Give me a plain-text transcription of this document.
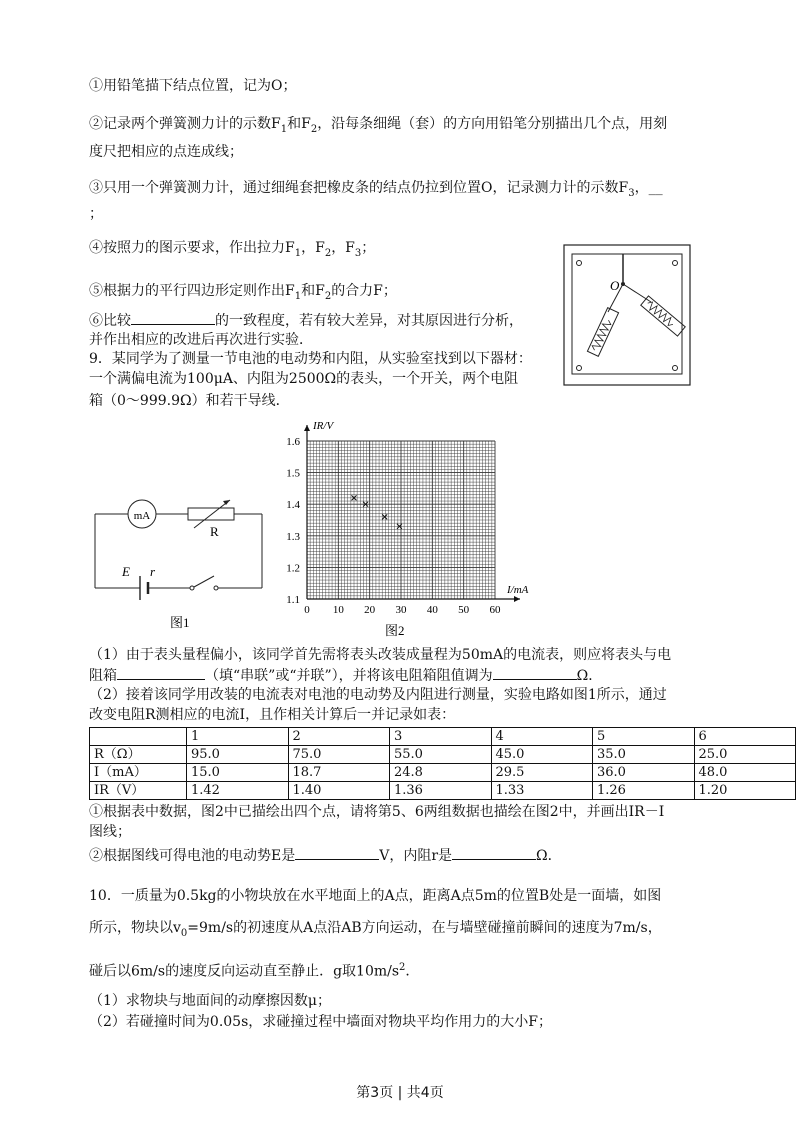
①用铅笔描下结点位置，记为O；
②记录两个弹簧测力计的示数$F_1$和$F_2$，沿每条细绳（套）的方向用铅笔分别描出几个点，用刻
度尺把相应的点连成线；
③只用一个弹簧测力计，通过细绳套把橡皮条的结点仍拉到位置O，记录测力计的示数$F_3$，__
；
④按照力的图示要求，作出拉力$F_1$，$F_2$，$F_3$；
⑤根据力的平行四边形定则作出$F_1$和$F_2$的合力F；
⑥比较	的一致程度，若有较大差异，对其原因进行分析，
并作出相应的改进后再次进行实验．
O
9．某同学为了测量一节电池的电动势和内阻，从实验室找到以下器材：
一个满偏电流为100μA、内阻为2500Ω的表头，一个开关，两个电阻
箱（0～999.9Ω）和若干导线．
mA
R
E r
图1
0 10 20 30 40 50 60
1.1
1.2
1.3
1.4
1.5
1.6
IR/V
I/mA
图2
（1）由于表头量程偏小，该同学首先需将表头改装成量程为50mA的电流表，则应将表头与电
阻箱	（填“串联”或“并联”），并将该电阻箱阻值调为	Ω．
（2）接着该同学用改装的电流表对电池的电动势及内阻进行测量，实验电路如图1所示，通过
改变电阻R测相应的电流I，且作相关计算后一并记录如表：
	1	2	3	4	5	6
R（Ω）	95.0	75.0	55.0	45.0	35.0	25.0
I（mA）	15.0	18.7	24.8	29.5	36.0	48.0
IR（V）	1.42	1.40	1.36	1.33	1.26	1.20
①根据表中数据，图2中已描绘出四个点，请将第5、6两组数据也描绘在图2中，并画出IR－I
图线；
②根据图线可得电池的电动势E是	V，内阻r是	Ω．
10．一质量为0.5kg的小物块放在水平地面上的A点，距离A点5m的位置B处是一面墙，如图
所示，物块以$v_0=9m/s$的初速度从A点沿AB方向运动，在与墙壁碰撞前瞬间的速度为7m/s，
碰后以6m/s的速度反向运动直至静止．g取$10m/s^2$．
（1）求物块与地面间的动摩擦因数μ；
（2）若碰撞时间为0.05s，求碰撞过程中墙面对物块平均作用力的大小F；
第3页 | 共4页
